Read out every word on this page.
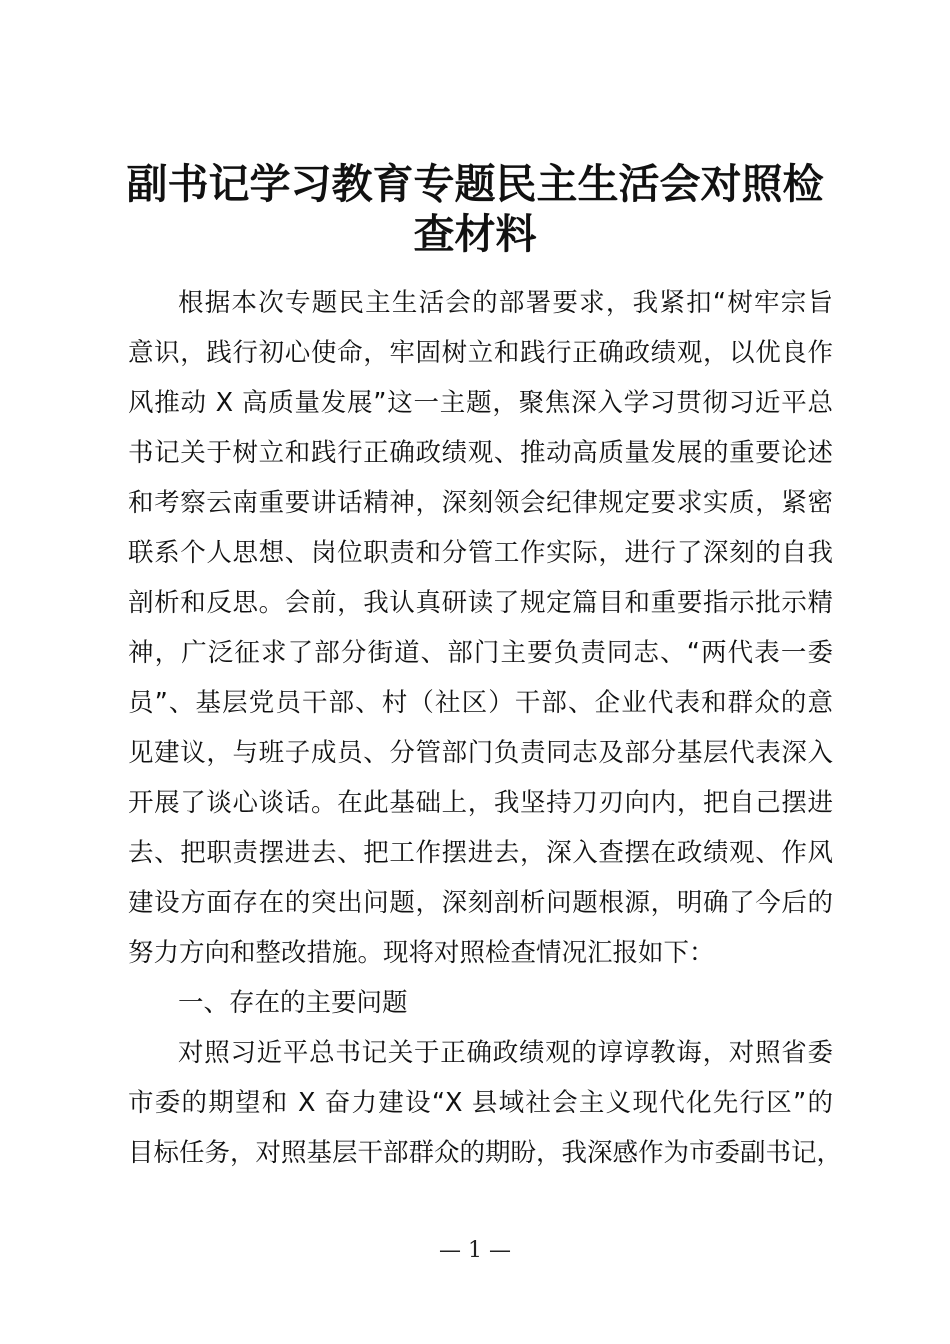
副书记学习教育专题民主生活会对照检
查材料
根据本次专题民主生活会的部署要求，我紧扣“树牢宗旨
意识，践行初心使命，牢固树立和践行正确政绩观，以优良作
风推动 X 高质量发展”这一主题，聚焦深入学习贯彻习近平总
书记关于树立和践行正确政绩观、推动高质量发展的重要论述
和考察云南重要讲话精神，深刻领会纪律规定要求实质，紧密
联系个人思想、岗位职责和分管工作实际，进行了深刻的自我
剖析和反思。会前，我认真研读了规定篇目和重要指示批示精
神，广泛征求了部分街道、部门主要负责同志、“两代表一委
员”、基层党员干部、村（社区）干部、企业代表和群众的意
见建议，与班子成员、分管部门负责同志及部分基层代表深入
开展了谈心谈话。在此基础上，我坚持刀刃向内，把自己摆进
去、把职责摆进去、把工作摆进去，深入查摆在政绩观、作风
建设方面存在的突出问题，深刻剖析问题根源，明确了今后的
努力方向和整改措施。现将对照检查情况汇报如下：
一、存在的主要问题
对照习近平总书记关于正确政绩观的谆谆教诲，对照省委
市委的期望和 X 奋力建设“X 县域社会主义现代化先行区”的
目标任务，对照基层干部群众的期盼，我深感作为市委副书记，
— 1 —
